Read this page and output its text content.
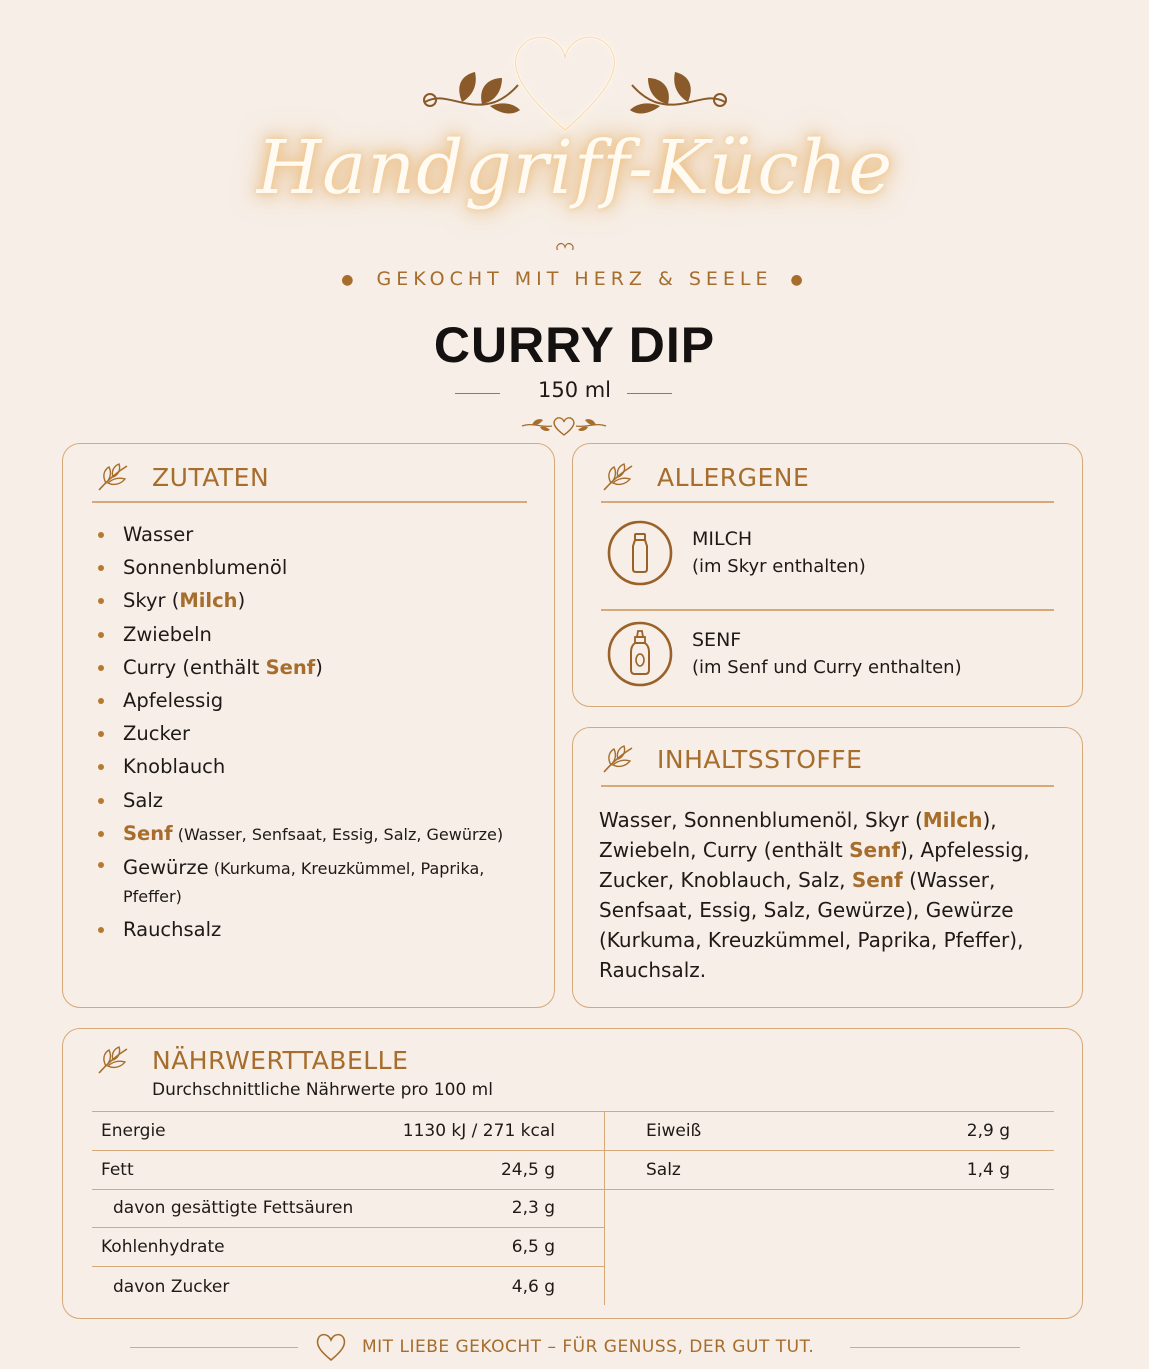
Handgriff-Küche
● GEKOCHT MIT HERZ & SEELE ●
CURRY DIP
150 ml
ZUTATEN
Wasser
Sonnenblumenöl
Skyr (Milch)
Zwiebeln
Curry (enthält Senf)
Apfelessig
Zucker
Knoblauch
Salz
Senf (Wasser, Senfsaat, Essig, Salz, Gewürze)
Gewürze (Kurkuma, Kreuzkümmel, Paprika, Pfeffer)
Rauchsalz
ALLERGENE
MILCH
(im Skyr enthalten)
SENF
(im Senf und Curry enthalten)
INHALTSSTOFFE
Wasser, Sonnenblumenöl, Skyr (Milch), Zwiebeln, Curry (enthält Senf), Apfelessig, Zucker, Knoblauch, Salz, Senf (Wasser, Senfsaat, Essig, Salz, Gewürze), Gewürze (Kurkuma, Kreuzkümmel, Paprika, Pfeffer), Rauchsalz.
NÄHRWERTTABELLE
Durchschnittliche Nährwerte pro 100 ml
Energie	1130 kJ / 271 kcal
Fett	24,5 g
davon gesättigte Fettsäuren	2,3 g
Kohlenhydrate	6,5 g
davon Zucker	4,6 g
Eiweiß	2,9 g
Salz	1,4 g
MIT LIEBE GEKOCHT – FÜR GENUSS, DER GUT TUT.
